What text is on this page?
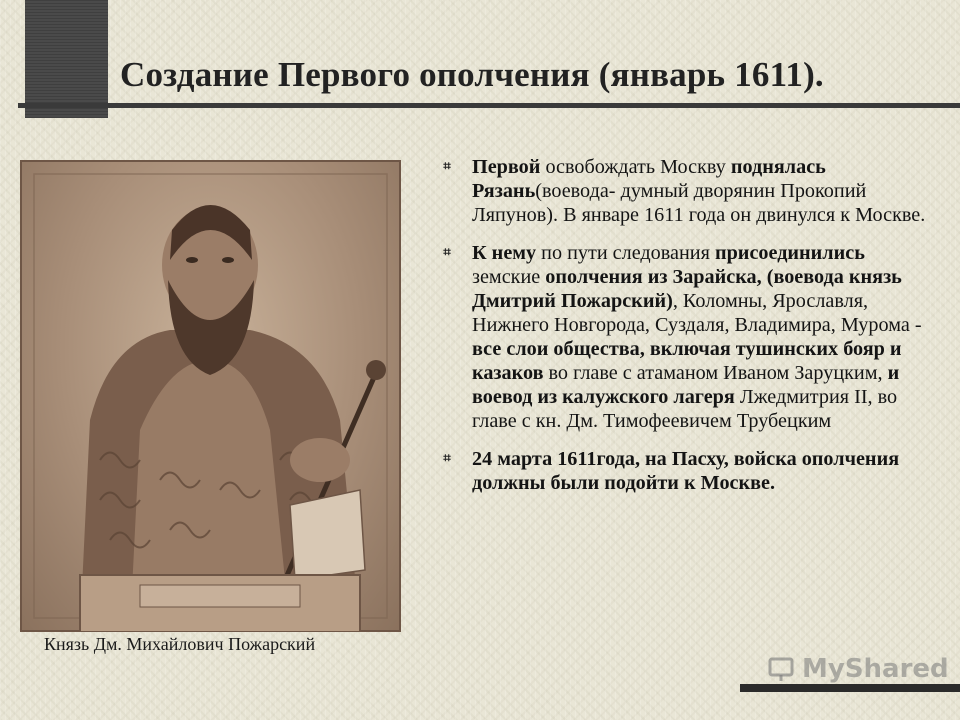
Создание Первого ополчения (январь 1611).
Князь Дм. Михайлович Пожарский
⌗ Первой освобождать Москву поднялась Рязань(воевода- думный дворянин Прокопий Ляпунов). В январе 1611 года он двинулся к Москве.
⌗ К нему по пути следования присоединились земские ополчения из Зарайска, (воевода князь Дмитрий Пожарский), Коломны, Ярославля, Нижнего Новгорода, Суздаля, Владимира, Мурома - все слои общества, включая тушинских бояр и казаков во главе с атаманом Иваном Заруцким, и воевод из калужского лагеря Лжедмитрия II, во главе с кн. Дм. Тимофеевичем Трубецким
⌗ 24 марта 1611года, на Пасху, войска ополчения должны были подойти к Москве.
MyShared
